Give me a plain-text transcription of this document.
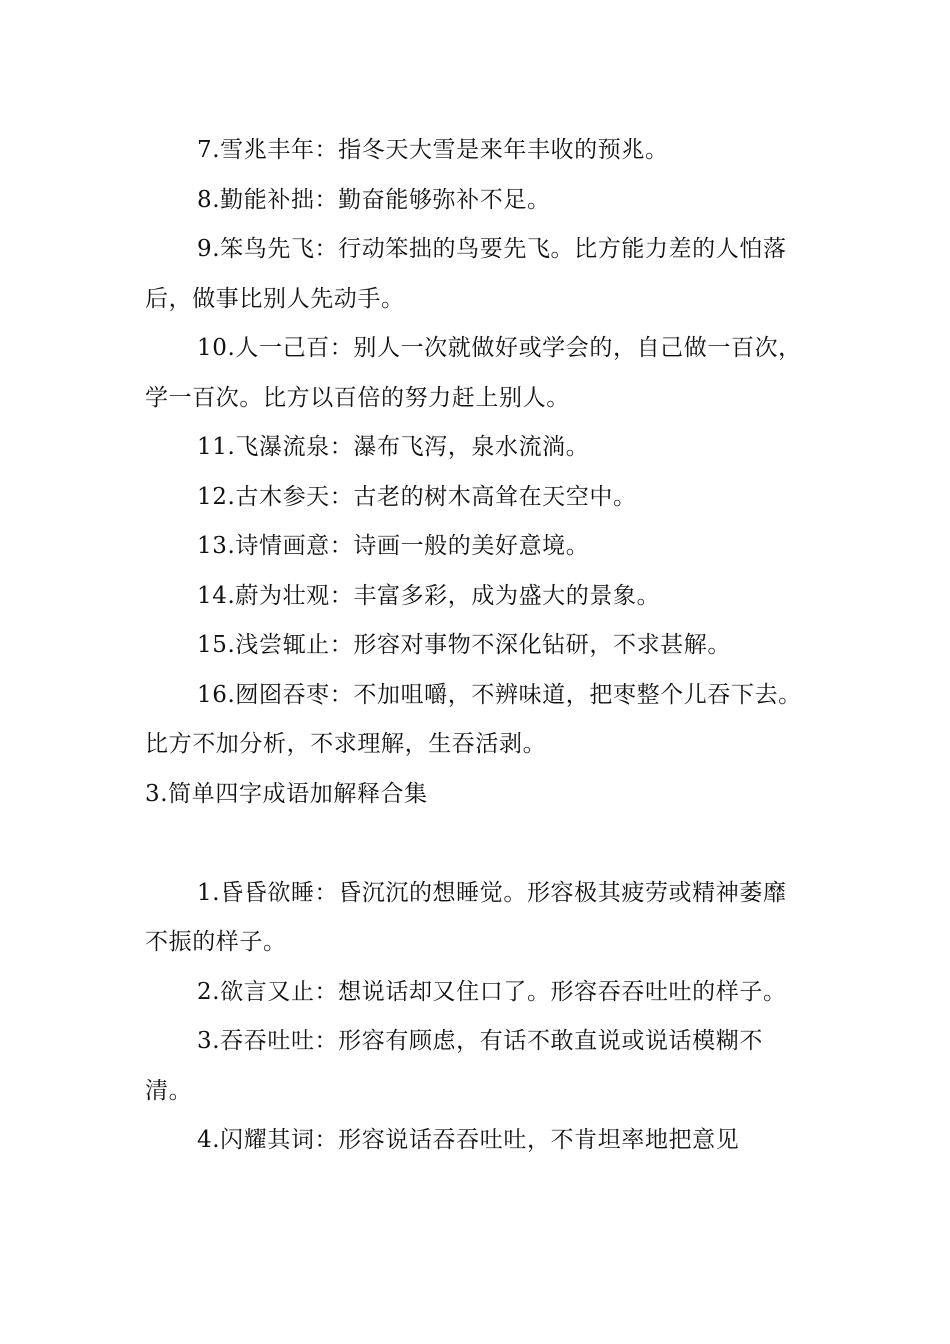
7.雪兆丰年：指冬天大雪是来年丰收的预兆。

8.勤能补拙：勤奋能够弥补不足。

9.笨鸟先飞：行动笨拙的鸟要先飞。比方能力差的人怕落后，做事比别人先动手。

10.人一己百：别人一次就做好或学会的，自己做一百次，学一百次。比方以百倍的努力赶上别人。

11.飞瀑流泉：瀑布飞泻，泉水流淌。

12.古木参天：古老的树木高耸在天空中。

13.诗情画意：诗画一般的美好意境。

14.蔚为壮观：丰富多彩，成为盛大的景象。

15.浅尝辄止：形容对事物不深化钻研，不求甚解。

16.囫囵吞枣：不加咀嚼，不辨味道，把枣整个儿吞下去。比方不加分析，不求理解，生吞活剥。

3.简单四字成语加解释合集

1.昏昏欲睡：昏沉沉的想睡觉。形容极其疲劳或精神萎靡不振的样子。

2.欲言又止：想说话却又住口了。形容吞吞吐吐的样子。

3.吞吞吐吐：形容有顾虑，有话不敢直说或说话模糊不清。

4.闪耀其词：形容说话吞吞吐吐，不肯坦率地把意见
